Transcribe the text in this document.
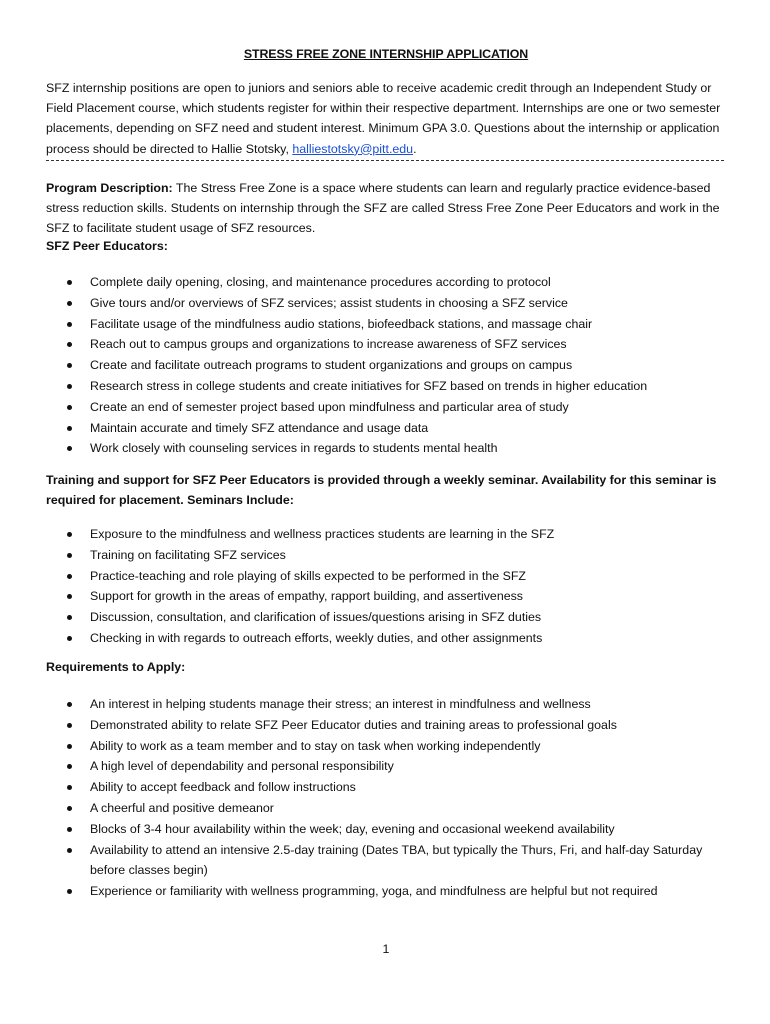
STRESS FREE ZONE INTERNSHIP APPLICATION
SFZ internship positions are open to juniors and seniors able to receive academic credit through an Independent Study or Field Placement course, which students register for within their respective department. Internships are one or two semester placements, depending on SFZ need and student interest. Minimum GPA 3.0. Questions about the internship or application process should be directed to Hallie Stotsky, halliestotsky@pitt.edu.
Program Description: The Stress Free Zone is a space where students can learn and regularly practice evidence-based stress reduction skills. Students on internship through the SFZ are called Stress Free Zone Peer Educators and work in the SFZ to facilitate student usage of SFZ resources.
SFZ Peer Educators:
Complete daily opening, closing, and maintenance procedures according to protocol
Give tours and/or overviews of SFZ services; assist students in choosing a SFZ service
Facilitate usage of the mindfulness audio stations, biofeedback stations, and massage chair
Reach out to campus groups and organizations to increase awareness of SFZ services
Create and facilitate outreach programs to student organizations and groups on campus
Research stress in college students and create initiatives for SFZ based on trends in higher education
Create an end of semester project based upon mindfulness and particular area of study
Maintain accurate and timely SFZ attendance and usage data
Work closely with counseling services in regards to students mental health
Training and support for SFZ Peer Educators is provided through a weekly seminar. Availability for this seminar is required for placement. Seminars Include:
Exposure to the mindfulness and wellness practices students are learning in the SFZ
Training on facilitating SFZ services
Practice-teaching and role playing of skills expected to be performed in the SFZ
Support for growth in the areas of empathy, rapport building, and assertiveness
Discussion, consultation, and clarification of issues/questions arising in SFZ duties
Checking in with regards to outreach efforts, weekly duties, and other assignments
Requirements to Apply:
An interest in helping students manage their stress; an interest in mindfulness and wellness
Demonstrated ability to relate SFZ Peer Educator duties and training areas to professional goals
Ability to work as a team member and to stay on task when working independently
A high level of dependability and personal responsibility
Ability to accept feedback and follow instructions
A cheerful and positive demeanor
Blocks of 3-4 hour availability within the week; day, evening and occasional weekend availability
Availability to attend an intensive 2.5-day training (Dates TBA, but typically the Thurs, Fri, and half-day Saturday before classes begin)
Experience or familiarity with wellness programming, yoga, and mindfulness are helpful but not required
1
